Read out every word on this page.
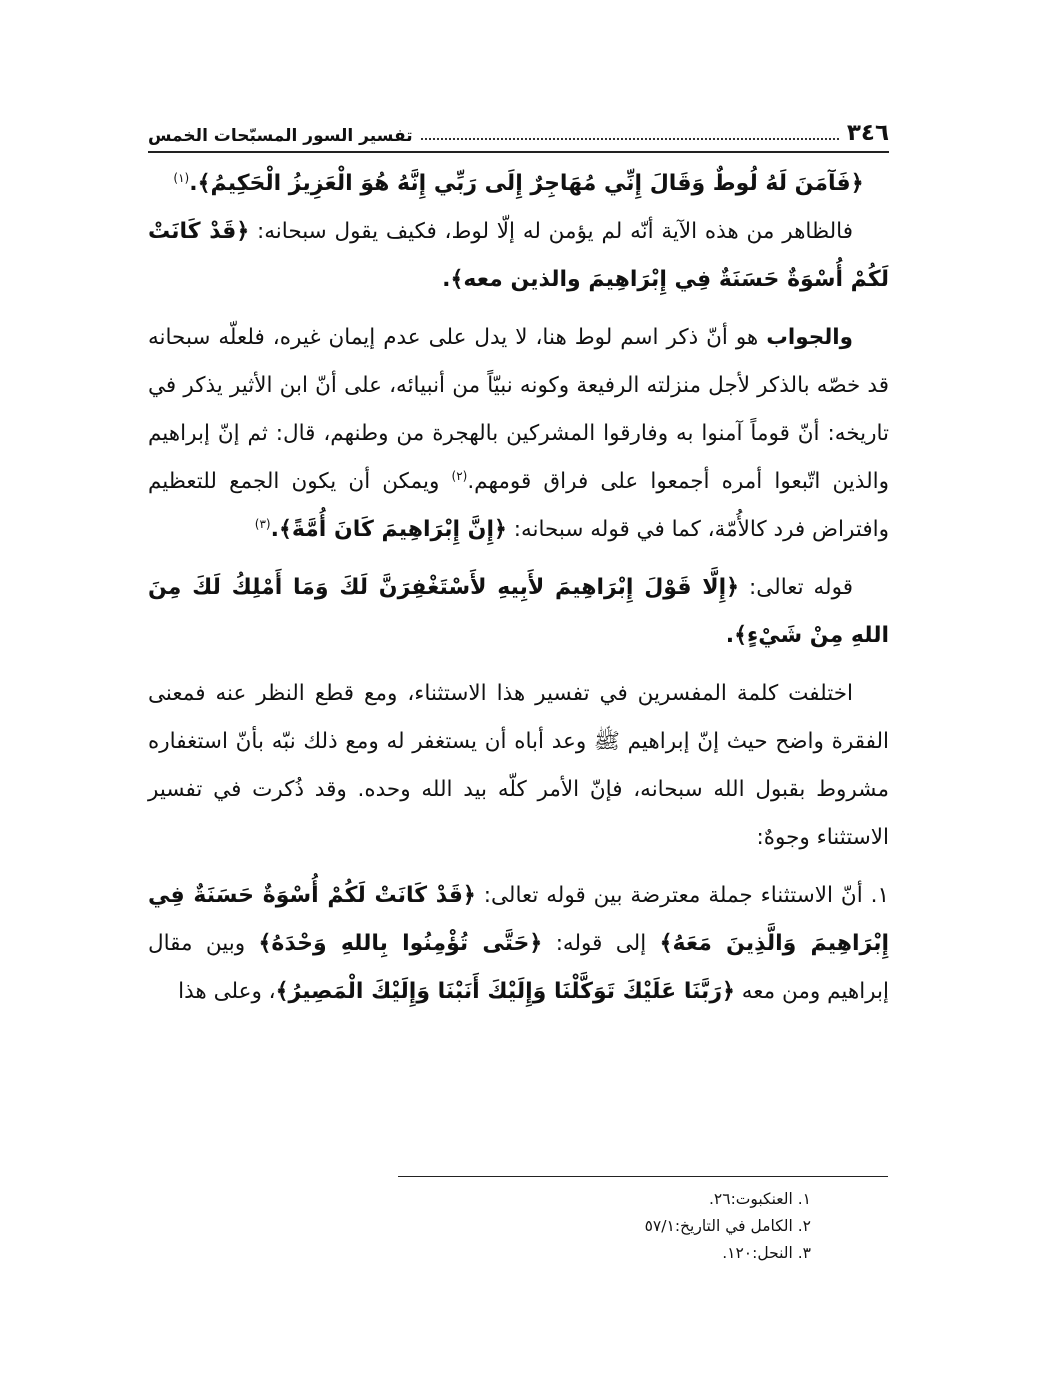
٣٤٦
تفسير السور المسبّحات الخمس

﴿فَآمَنَ لَهُ لُوطٌ وَقَالَ إِنِّي مُهَاجِرٌ إِلَى رَبِّي إِنَّهُ هُوَ الْعَزِيزُ الْحَكِيمُ﴾.$^{(١)}$

فالظاهر من هذه الآية أنّه لم يؤمن له إلّا لوط، فكيف يقول سبحانه: ﴿قَدْ كَانَتْ لَكُمْ أُسْوَةٌ حَسَنَةٌ فِي إِبْرَاهِيمَ والذين معه﴾.

والجواب هو أنّ ذكر اسم لوط هنا، لا يدل على عدم إيمان غيره، فلعلّه سبحانه قد خصّه بالذكر لأجل منزلته الرفيعة وكونه نبيّاً من أنبيائه، على أنّ ابن الأثير يذكر في تاريخه: أنّ قوماً آمنوا به وفارقوا المشركين بالهجرة من وطنهم، قال: ثم إنّ إبراهيم والذين اتّبعوا أمره أجمعوا على فراق قومهم.$^{(٢)}$ ويمكن أن يكون الجمع للتعظيم وافتراض فرد كالأُمّة، كما في قوله سبحانه: ﴿إِنَّ إِبْرَاهِيمَ كَانَ أُمَّةً﴾.$^{(٣)}$

قوله تعالى: ﴿إِلَّا قَوْلَ إِبْرَاهِيمَ لأَبِيهِ لأَسْتَغْفِرَنَّ لَكَ وَمَا أَمْلِكُ لَكَ مِنَ اللهِ مِنْ شَيْءٍ﴾.

اختلفت كلمة المفسرين في تفسير هذا الاستثناء، ومع قطع النظر عنه فمعنى الفقرة واضح حيث إنّ إبراهيم ﷺ وعد أباه أن يستغفر له ومع ذلك نبّه بأنّ استغفاره مشروط بقبول الله سبحانه، فإنّ الأمر كلّه بيد الله وحده. وقد ذُكرت في تفسير الاستثناء وجوهٌ:

١. أنّ الاستثناء جملة معترضة بين قوله تعالى: ﴿قَدْ كَانَتْ لَكُمْ أُسْوَةٌ حَسَنَةٌ فِي إِبْرَاهِيمَ وَالَّذِينَ مَعَهُ﴾ إلى قوله: ﴿حَتَّى تُؤْمِنُوا بِاللهِ وَحْدَهُ﴾ وبين مقال إبراهيم ومن معه ﴿رَبَّنَا عَلَيْكَ تَوَكَّلْنَا وَإِلَيْكَ أَنَبْنَا وَإِلَيْكَ الْمَصِيرُ﴾، وعلى هذا

١. العنكبوت:٢٦.
٢. الكامل في التاريخ:٥٧/١
٣. النحل:١٢٠.
